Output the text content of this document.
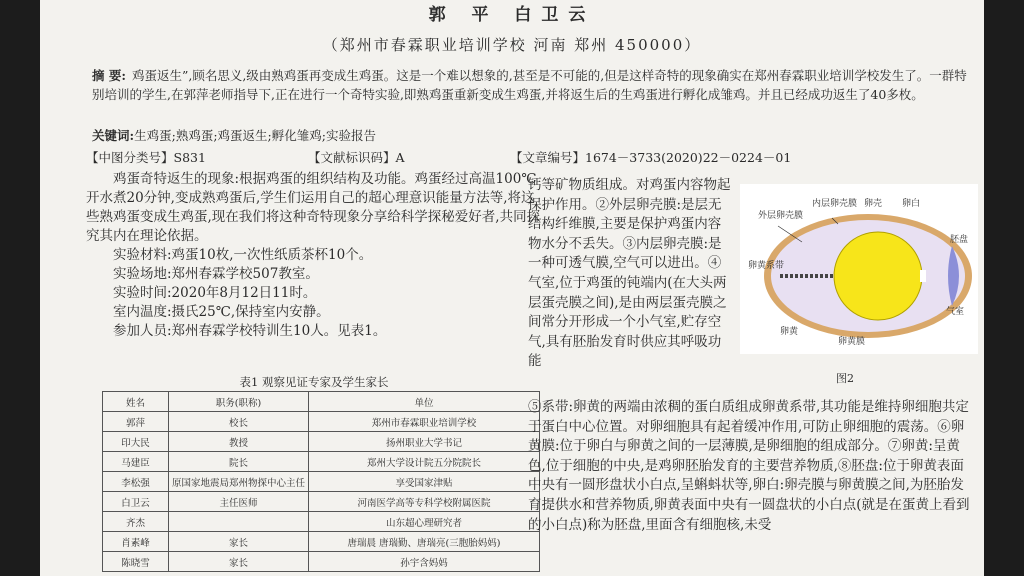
郭 平 白卫云
（郑州市春霖职业培训学校 河南 郑州 450000）
摘 要: 鸡蛋返生”,顾名思义,级由熟鸡蛋再变成生鸡蛋。这是一个难以想象的,甚至是不可能的,但是这样奇特的现象确实在郑州春霖职业培训学校发生了。一群特别培训的学生,在郭萍老师指导下,正在进行一个奇特实验,即熟鸡蛋重新变成生鸡蛋,并将返生后的生鸡蛋进行孵化成雏鸡。并且已经成功返生了40多枚。
关键词:生鸡蛋;熟鸡蛋;鸡蛋返生;孵化雏鸡;实验报告
【中图分类号】S831	【文献标识码】A	【文章编号】1674－3733(2020)22－0224－01

鸡蛋奇特返生的现象:根据鸡蛋的组织结构及功能。鸡蛋经过高温100℃开水煮20分钟,变成熟鸡蛋后,学生们运用自己的超心理意识能量方法等,将这些熟鸡蛋变成生鸡蛋,现在我们将这种奇特现象分享给科学探秘爱好者,共同探究其内在理论依据。

实验材料:鸡蛋10枚,一次性纸质茶杯10个。

实验场地:郑州春霖学校507教室。

实验时间:2020年8月12日11时。

室内温度:摄氏25℃,保持室内安静。

参加人员:郑州春霖学校特训生10人。见表1。

表1 观察见证专家及学生家长
姓名	职务(职称)	单位
郭萍	校长	郑州市春霖职业培训学校
印大民	教授	扬州职业大学书记
马建臣	院长	郑州大学设计院五分院院长
李松强	原国家地震局郑州物探中心主任	享受国家津贴
白卫云	主任医师	河南医学高等专科学校附属医院
齐杰		山东超心理研究者
肖素峰	家长	唐瑞晨 唐瑞勤、唐瑞亮(三胞胎妈妈)
陈晓雪	家长	孙宇含妈妈

钙等矿物质组成。对鸡蛋内容物起保护作用。②外层卵壳膜:是层无结构纤维膜,主要是保护鸡蛋内容物水分不丢失。③内层卵壳膜:是一种可透气膜,空气可以进出。④气室,位于鸡蛋的钝端内(在大头两层蛋壳膜之间),是由两层蛋壳膜之间常分开形成一个小气室,贮存空气,具有胚胎发育时供应其呼吸功能

外层卵壳膜
内层卵壳膜 卵壳 卵白
卵黄系带
胚盘
气室
卵黄
卵黄膜
图2

⑤系带:卵黄的两端由浓稠的蛋白质组成卵黄系带,其功能是维持卵细胞共定于蛋白中心位置。对卵细胞具有起着缓冲作用,可防止卵细胞的震荡。⑥卵黄膜:位于卵白与卵黄之间的一层薄膜,是卵细胞的组成部分。⑦卵黄:呈黄色,位于细胞的中央,是鸡卵胚胎发育的主要营养物质,⑧胚盘:位于卵黄表面中央有一圆形盘状小白点,呈蝌蚪状等,卵白:卵壳膜与卵黄膜之间,为胚胎发育提供水和营养物质,卵黄表面中央有一圆盘状的小白点(就是在蛋黄上看到的小白点)称为胚盘,里面含有细胞核,未受
